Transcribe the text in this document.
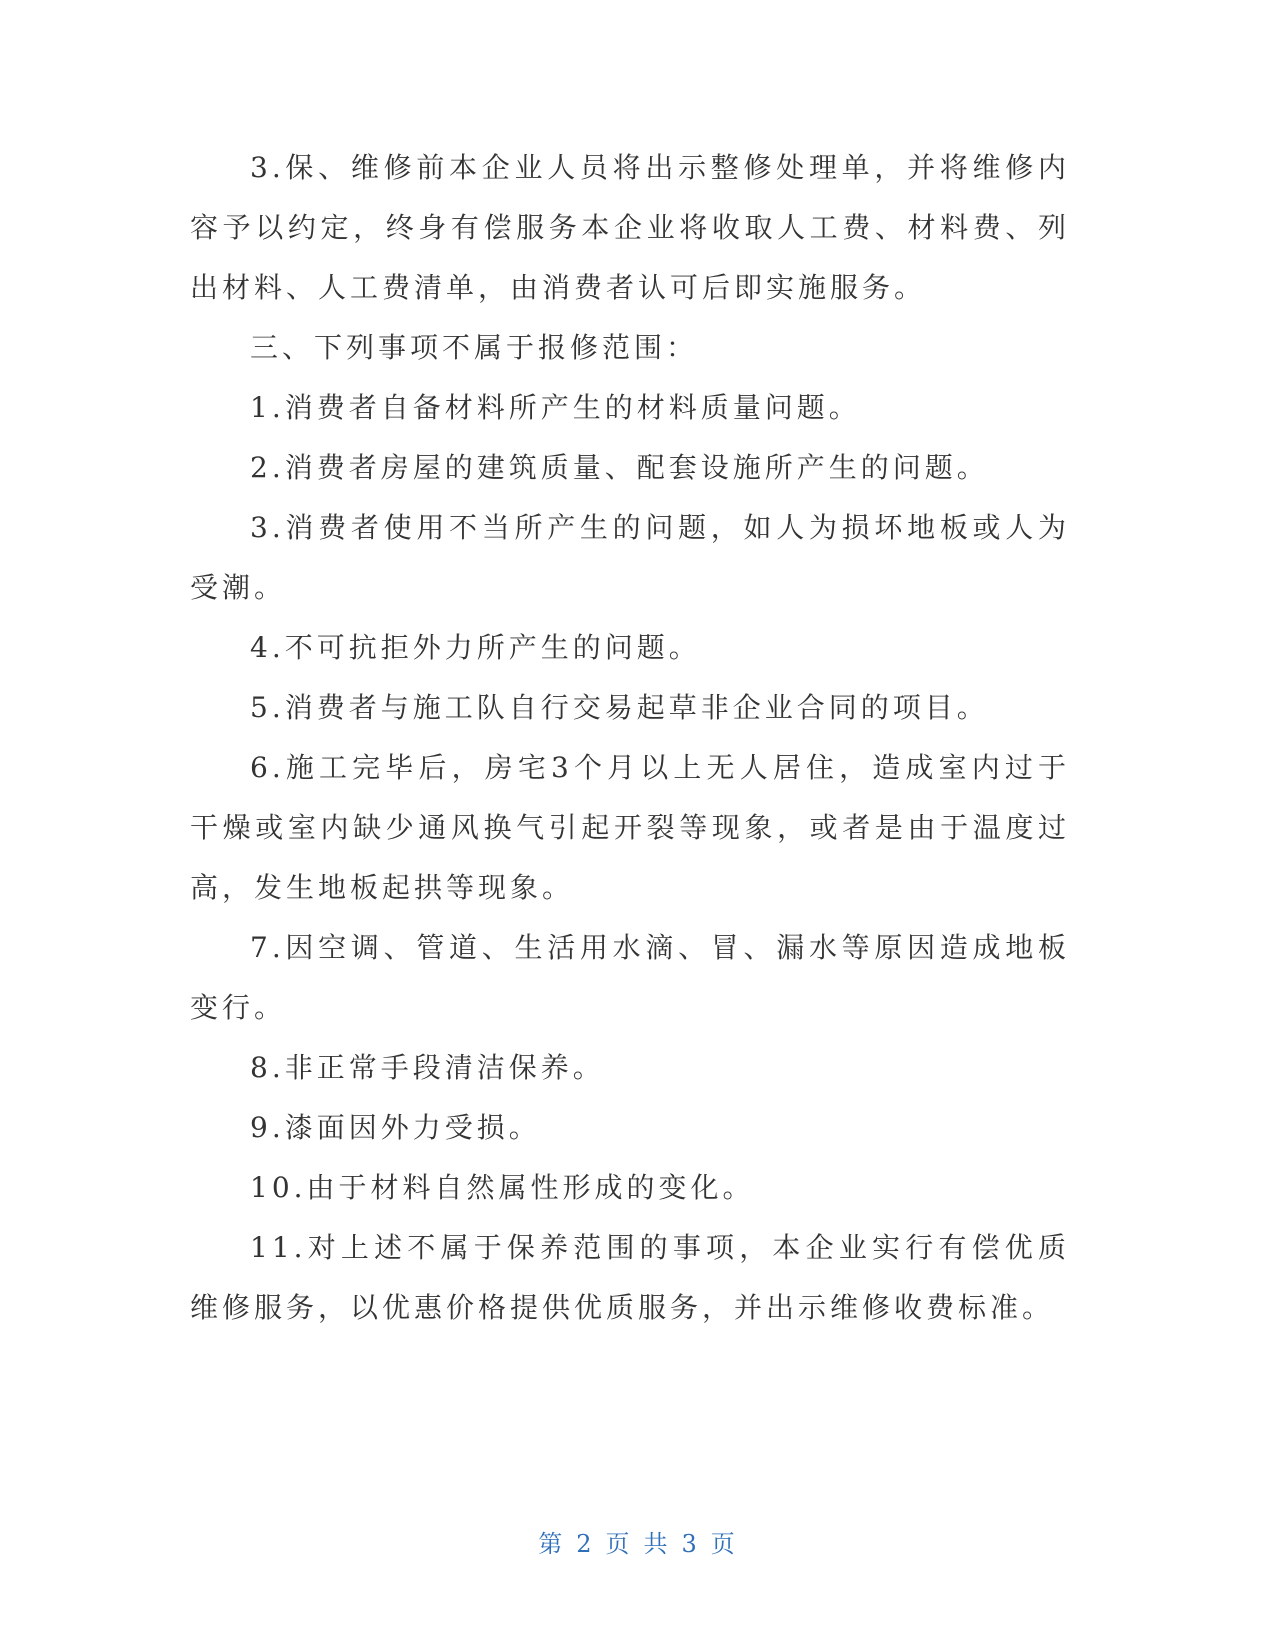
3.保、维修前本企业人员将出示整修处理单，并将维修内容予以约定，终身有偿服务本企业将收取人工费、材料费、列出材料、人工费清单，由消费者认可后即实施服务。

三、下列事项不属于报修范围：

1.消费者自备材料所产生的材料质量问题。

2.消费者房屋的建筑质量、配套设施所产生的问题。

3.消费者使用不当所产生的问题，如人为损坏地板或人为受潮。

4.不可抗拒外力所产生的问题。

5.消费者与施工队自行交易起草非企业合同的项目。

6.施工完毕后，房宅3个月以上无人居住，造成室内过于干燥或室内缺少通风换气引起开裂等现象，或者是由于温度过高，发生地板起拱等现象。

7.因空调、管道、生活用水滴、冒、漏水等原因造成地板变行。

8.非正常手段清洁保养。

9.漆面因外力受损。

10.由于材料自然属性形成的变化。

11.对上述不属于保养范围的事项，本企业实行有偿优质维修服务，以优惠价格提供优质服务，并出示维修收费标准。

第 2 页 共 3 页
